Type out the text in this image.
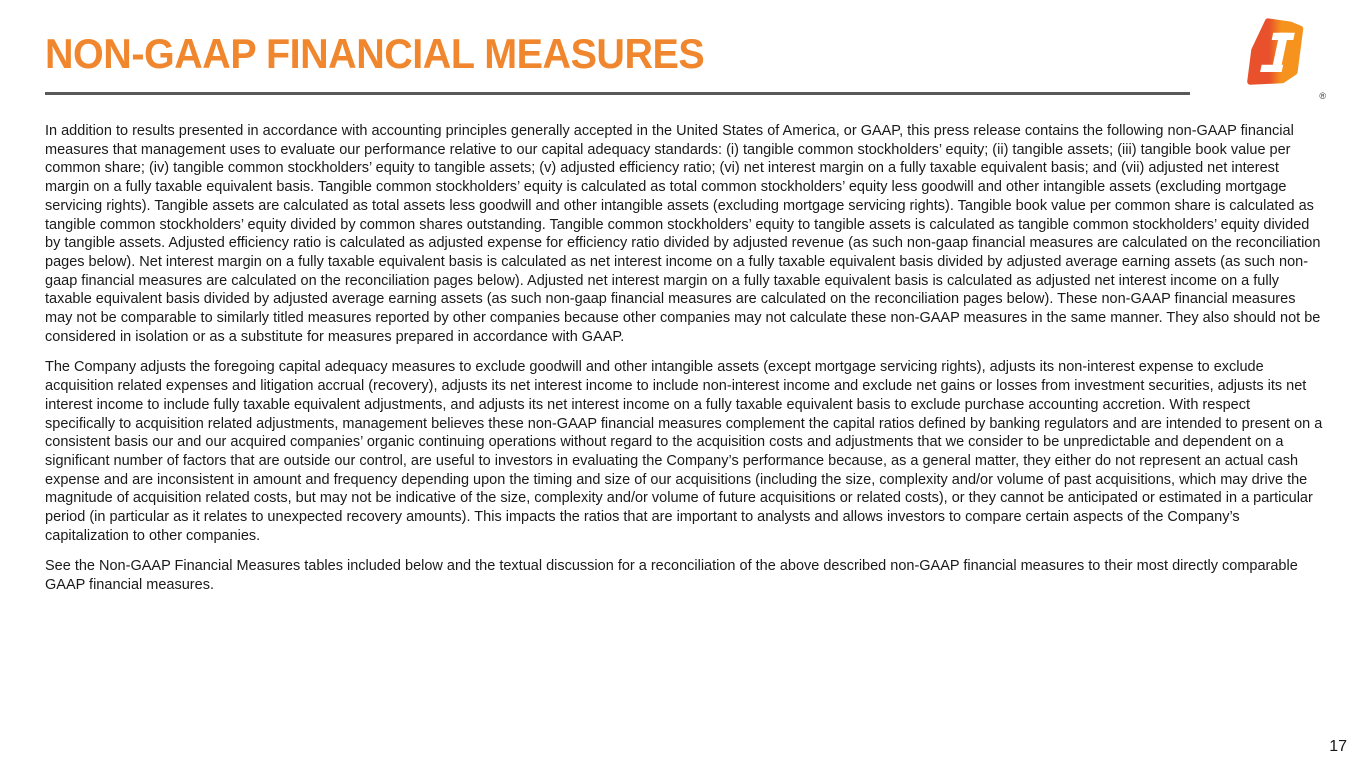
NON-GAAP FINANCIAL MEASURES
®

In addition to results presented in accordance with accounting principles generally accepted in the United States of America, or GAAP, this press release contains the following non-GAAP financial measures that management uses to evaluate our performance relative to our capital adequacy standards: (i) tangible common stockholders’ equity; (ii) tangible assets; (iii) tangible book value per common share; (iv) tangible common stockholders’ equity to tangible assets; (v) adjusted efficiency ratio; (vi) net interest margin on a fully taxable equivalent basis; and (vii) adjusted net interest margin on a fully taxable equivalent basis. Tangible common stockholders’ equity is calculated as total common stockholders’ equity less goodwill and other intangible assets (excluding mortgage servicing rights). Tangible assets are calculated as total assets less goodwill and other intangible assets (excluding mortgage servicing rights). Tangible book value per common share is calculated as tangible common stockholders’ equity divided by common shares outstanding. Tangible common stockholders’ equity to tangible assets is calculated as tangible common stockholders’ equity divided by tangible assets. Adjusted efficiency ratio is calculated as adjusted expense for efficiency ratio divided by adjusted revenue (as such non-gaap financial measures are calculated on the reconciliation pages below). Net interest margin on a fully taxable equivalent basis is calculated as net interest income on a fully taxable equivalent basis divided by adjusted average earning assets (as such non-gaap financial measures are calculated on the reconciliation pages below). Adjusted net interest margin on a fully taxable equivalent basis is calculated as adjusted net interest income on a fully taxable equivalent basis divided by adjusted average earning assets (as such non-gaap financial measures are calculated on the reconciliation pages below). These non-GAAP financial measures may not be comparable to similarly titled measures reported by other companies because other companies may not calculate these non-GAAP measures in the same manner. They also should not be considered in isolation or as a substitute for measures prepared in accordance with GAAP.

The Company adjusts the foregoing capital adequacy measures to exclude goodwill and other intangible assets (except mortgage servicing rights), adjusts its non-interest expense to exclude acquisition related expenses and litigation accrual (recovery), adjusts its net interest income to include non-interest income and exclude net gains or losses from investment securities, adjusts its net interest income to include fully taxable equivalent adjustments, and adjusts its net interest income on a fully taxable equivalent basis to exclude purchase accounting accretion. With respect specifically to acquisition related adjustments, management believes these non-GAAP financial measures complement the capital ratios defined by banking regulators and are intended to present on a consistent basis our and our acquired companies’ organic continuing operations without regard to the acquisition costs and adjustments that we consider to be unpredictable and dependent on a significant number of factors that are outside our control, are useful to investors in evaluating the Company’s performance because, as a general matter, they either do not represent an actual cash expense and are inconsistent in amount and frequency depending upon the timing and size of our acquisitions (including the size, complexity and/or volume of past acquisitions, which may drive the magnitude of acquisition related costs, but may not be indicative of the size, complexity and/or volume of future acquisitions or related costs), or they cannot be anticipated or estimated in a particular period (in particular as it relates to unexpected recovery amounts). This impacts the ratios that are important to analysts and allows investors to compare certain aspects of the Company’s capitalization to other companies.

See the Non-GAAP Financial Measures tables included below and the textual discussion for a reconciliation of the above described non-GAAP financial measures to their most directly comparable GAAP financial measures.

17
